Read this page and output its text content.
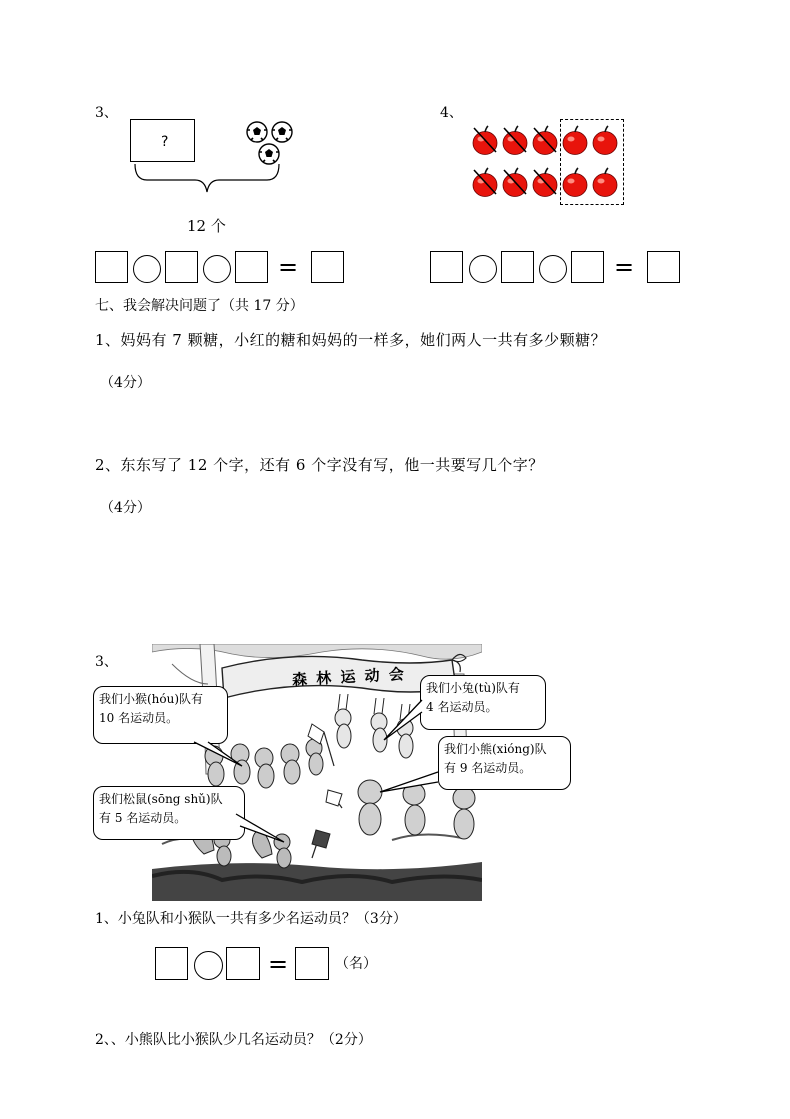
3、
?
12 个
=
4、
=
七、我会解决问题了（共 17 分）
1、妈妈有 7 颗糖，小红的糖和妈妈的一样多，她们两人一共有多少颗糖？
（4分）
2、东东写了 12 个字，还有 6 个字没有写，他一共要写几个字？
（4分）
3、
森 林 运 动 会
我们小猴(hóu)队有
10 名运动员。
我们小兔(tù)队有
4 名运动员。
我们小熊(xióng)队
有 9 名运动员。
我们松鼠(sōng shǔ)队
有 5 名运动员。
1、小兔队和小猴队一共有多少名运动员？（3分）
=	（名）
2、、小熊队比小猴队少几名运动员？（2分）
